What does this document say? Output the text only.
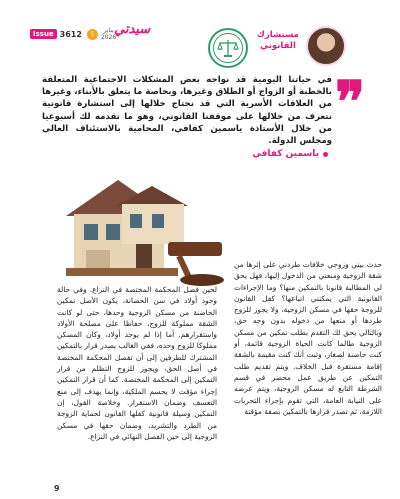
Issue 3612	5	يناير
2026
سيدتي	مستشارك القانوني
❞
في حياتنا اليومية قد نواجه بعض المشكلات الاجتماعية المتعلقة بالخطبة أو الزواج أو الطلاق وغيرها، وبخاصة ما يتعلق بالأبناء، وغيرها من العلاقات الأسرية التي قد نحتاج خلالها إلى استشارة قانونية نتعرف من خلالها على موقفنا القانوني، وهو ما تقدمه لك أسبوعيا من خلال الأستاذة ياسمين كفافي، المحامية بالاستئناف العالي ومجلس الدولة.
ياسمين كفافي
حدث بيني وزوجي خلافات طردني على إثرها من شقة الزوجية ومنعني من الدخول إليها، فهل يحق لي المطالبة قانونا بالتمكين منها؟ وما الإجراءات القانونية التي يمكنني اتباعها؟ كفل القانون للزوجة حقها في مسكن الزوجية، ولا يجوز للزوج طردها أو منعها من دخوله بدون وجه حق، وبالتالي يحق لك التقدم بطلب تمكين من مسكن الزوجية طالما كانت الحياة الزوجية قائمة، أو كنت حاضنة لصغار، وثبت أنك كنت مقيمة بالشقة إقامة مستقرة قبل الخلاف. ويتم تقديم طلب التمكين عن طريق عمل محضر في قسم الشرطة التابع له مسكن الزوجية، ويتم عرضه على النيابة العامة، التي تقوم بإجراء التحريات اللازمة، ثم تصدر قرارها بالتمكين بصفة مؤقتة
لحين فصل المحكمة المختصة في النزاع. وفي حالة وجود أولاد في سن الحضانة، يكون الأصل تمكين الحاضنة من مسكن الزوجية وحدها، حتى لو كانت الشقة مملوكة للزوج، حفاظا على مصلحة الأولاد واستقرارهم. أما إذا لم يوجد أولاد، وكان المسكن مملوكا للزوج وحده، ففي الغالب يصدر قرار بالتمكين المشترك للطرفين إلى أن تفصل المحكمة المختصة في أصل الحق، ويجوز للزوج التظلم من قرار التمكين إلى المحكمة المختصة. كما أن قرار التمكين إجراء مؤقت لا يحسم الملكية، وإنما يهدف إلى منع التعسف وضمان الاستقرار. وخلاصة القول، إن التمكين وسيلة قانونية كفلها القانون لحماية الزوجة من الطرد والتشريد، وضمان حقها في مسكن الزوجية إلى حين الفصل النهائي في النزاع.
9
